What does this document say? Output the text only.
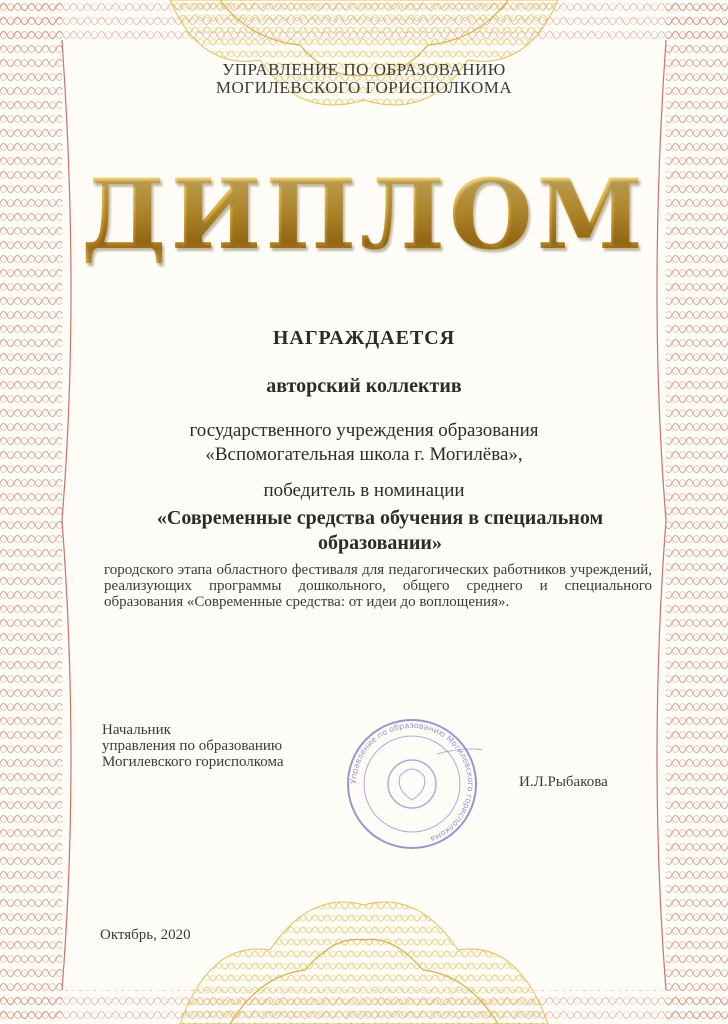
УПРАВЛЕНИЕ ПО ОБРАЗОВАНИЮ
МОГИЛЕВСКОГО ГОРИСПОЛКОМА
ДИПЛОМ
НАГРАЖДАЕТСЯ
авторский коллектив
государственного учреждения образования
«Вспомогательная школа г. Могилёва»,
победитель в номинации
«Современные средства обучения в специальном образовании»
городского этапа областного фестиваля для педагогических работников учреждений, реализующих программы дошкольного, общего среднего и специального образования «Современные средства: от идеи до воплощения».
Начальник
управления по образованию
Могилевского горисполкома
Управление по образованию Могилевского горисполкома
И.Л.Рыбакова
Октябрь, 2020
